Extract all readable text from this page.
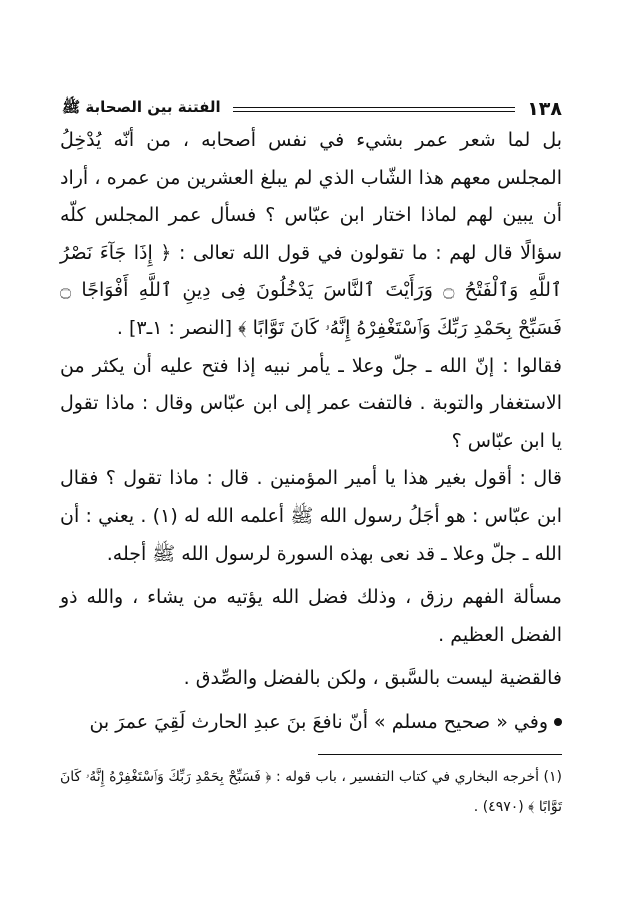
١٣٨
الفتنة بين الصحابة ﷺ

بل لما شعر عمر بشيء في نفس أصحابه ، من أنّه يُدْخِلُ المجلس معهم هذا الشّاب الذي لم يبلغ العشرين من عمره ، أراد أن يبين لهم لماذا اختار ابن عبّاس ؟ فسأل عمر المجلس كلّه سؤالًا قال لهم : ما تقولون في قول الله تعالى : ﴿ إِذَا جَآءَ نَصْرُ ٱللَّهِ وَٱلْفَتْحُ ۝ وَرَأَيْتَ ٱلنَّاسَ يَدْخُلُونَ فِى دِينِ ٱللَّهِ أَفْوَاجًا ۝ فَسَبِّحْ بِحَمْدِ رَبِّكَ وَٱسْتَغْفِرْهُ إِنَّهُۥ كَانَ تَوَّابًا ﴾ [النصر : ١ـ٣] .

فقالوا : إنّ الله ـ جلّ وعلا ـ يأمر نبيه إذا فتح عليه أن يكثر من الاستغفار والتوبة . فالتفت عمر إلى ابن عبّاس وقال : ماذا تقول يا ابن عبّاس ؟

قال : أقول بغير هذا يا أمير المؤمنين . قال : ماذا تقول ؟ فقال ابن عبّاس : هو أجَلُ رسول الله ﷺ أعلمه الله له (١) . يعني : أن الله ـ جلّ وعلا ـ قد نعى بهذه السورة لرسول الله ﷺ أجله.

مسألة الفهم رزق ، وذلك فضل الله يؤتيه من يشاء ، والله ذو الفضل العظيم .

فالقضية ليست بالسَّبق ، ولكن بالفضل والصِّدق .

وفي « صحيح مسلم » أنّ نافعَ بنَ عبدِ الحارث لَقِيَ عمرَ بن

(١) أخرجه البخاري في كتاب التفسير ، باب قوله : ﴿ فَسَبِّحْ بِحَمْدِ رَبِّكَ وَٱسْتَغْفِرْهُ إِنَّهُۥ كَانَ تَوَّابًا ﴾ (٤٩٧٠) .
